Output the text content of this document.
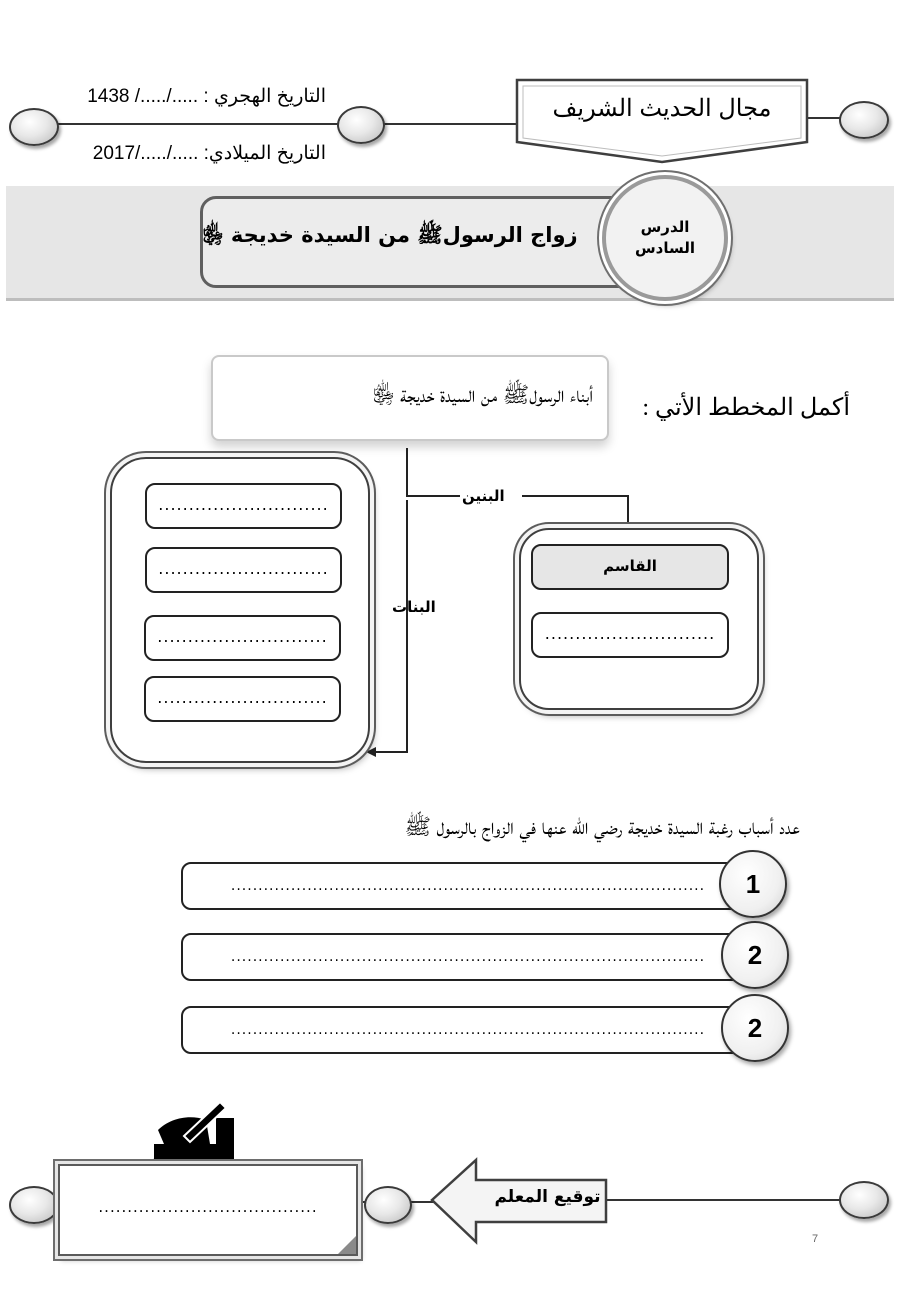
التاريخ الهجري : ...../...../ 1438
التاريخ الميلادي: ...../...../2017
مجال الحديث الشريف
زواج الرسولﷺ من السيدة خديجة ﵂	الدرس
السادس
أبناء الرسولﷺ من السيدة خديجة ﵂
أكمل المخطط الأتي :
البنين
البنات
............................
............................
............................
............................
القاسم
............................
عدد أسباب رغبة السيدة خديجة رضي الله عنها في الزواج بالرسول ﷺ
.......................................................................................	1
.......................................................................................	2
.......................................................................................	2
......................................	توقيع المعلم
7
